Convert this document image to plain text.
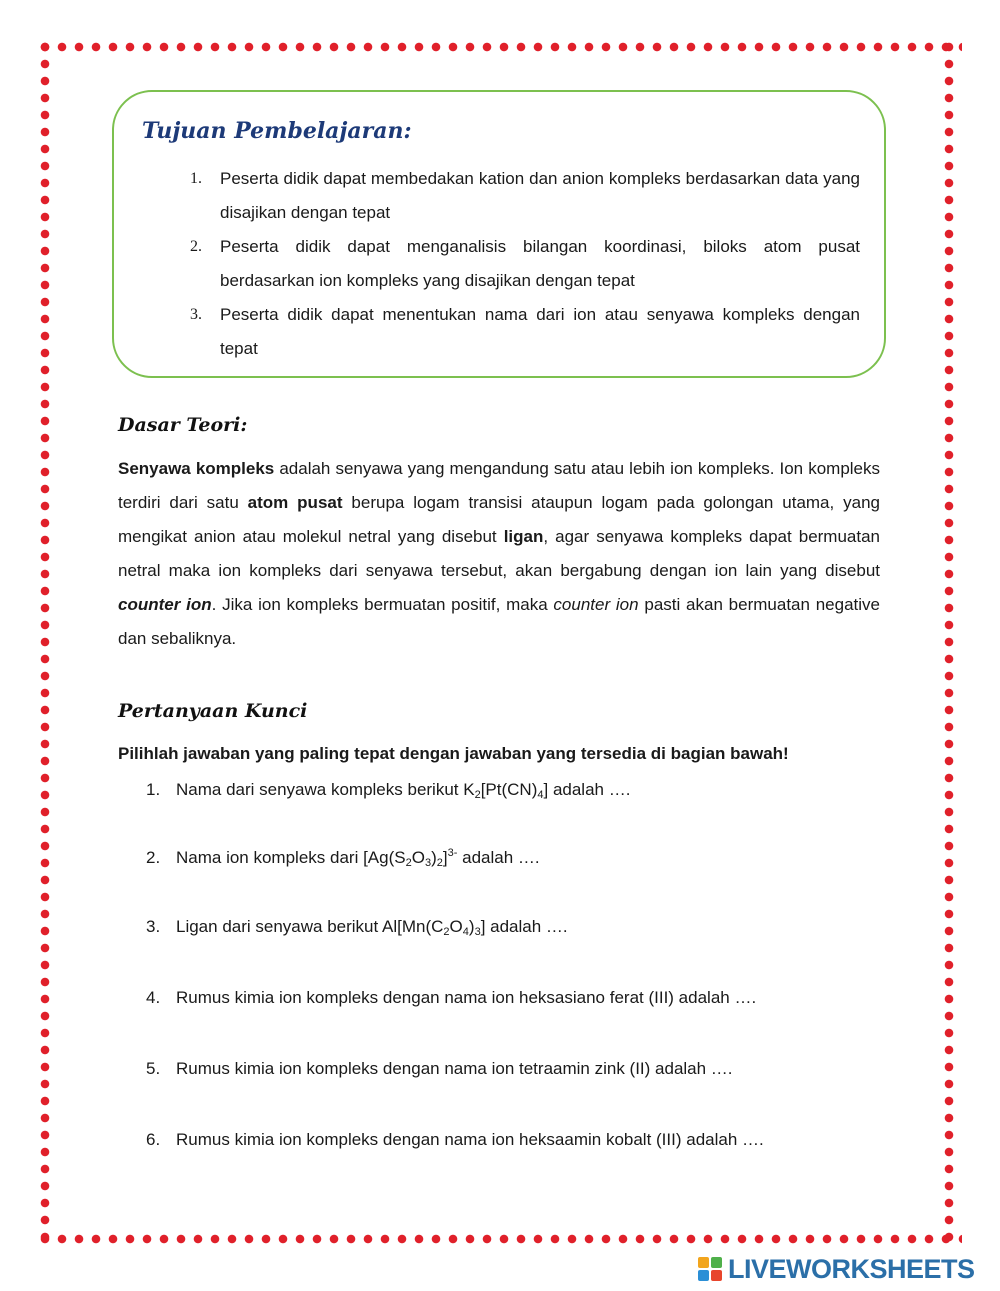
Tujuan Pembelajaran:
1. Peserta didik dapat membedakan kation dan anion kompleks berdasarkan data yang disajikan dengan tepat
2. Peserta didik dapat menganalisis bilangan koordinasi, biloks atom pusat berdasarkan ion kompleks yang disajikan dengan tepat
3. Peserta didik dapat menentukan nama dari ion atau senyawa kompleks dengan tepat
Dasar Teori:

Senyawa kompleks adalah senyawa yang mengandung satu atau lebih ion kompleks. Ion kompleks terdiri dari satu atom pusat berupa logam transisi ataupun logam pada golongan utama, yang mengikat anion atau molekul netral yang disebut ligan, agar senyawa kompleks dapat bermuatan netral maka ion kompleks dari senyawa tersebut, akan bergabung dengan ion lain yang disebut counter ion. Jika ion kompleks bermuatan positif, maka counter ion pasti akan bermuatan negative dan sebaliknya.

Pertanyaan Kunci
Pilihlah jawaban yang paling tepat dengan jawaban yang tersedia di bagian bawah!
1. Nama dari senyawa kompleks berikut $K_2[Pt(CN)_4]$ adalah ….
2. Nama ion kompleks dari $[Ag(S_2O_3)_2]^{3-}$ adalah ….
3. Ligan dari senyawa berikut $Al[Mn(C_2O_4)_3]$ adalah ….
4. Rumus kimia ion kompleks dengan nama ion heksasiano ferat (III) adalah ….
5. Rumus kimia ion kompleks dengan nama ion tetraamin zink (II) adalah ….
6. Rumus kimia ion kompleks dengan nama ion heksaamin kobalt (III) adalah ….
LIVEWORKSHEETS
